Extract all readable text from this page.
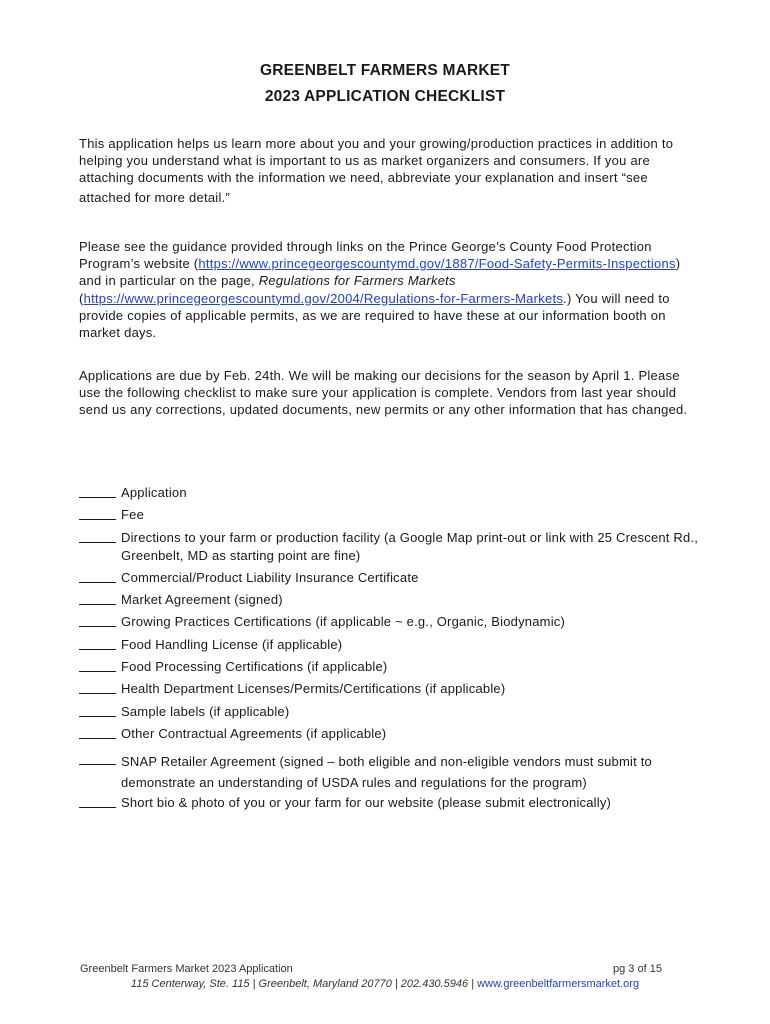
GREENBELT FARMERS MARKET
2023 APPLICATION CHECKLIST

This application helps us learn more about you and your growing/production practices in addition to helping you understand what is important to us as market organizers and consumers. If you are attaching documents with the information we need, abbreviate your explanation and insert “see

attached for more detail.”

Please see the guidance provided through links on the Prince George’s County Food Protection Program’s website (https://www.princegeorgescountymd.gov/1887/Food-Safety-Permits-Inspections) and in particular on the page, Regulations for Farmers Markets (https://www.princegeorgescountymd.gov/2004/Regulations-for-Farmers-Markets.) You will need to provide copies of applicable permits, as we are required to have these at our information booth on market days.

Applications are due by Feb. 24th. We will be making our decisions for the season by April 1. Please use the following checklist to make sure your application is complete. Vendors from last year should send us any corrections, updated documents, new permits or any other information that has changed.

Application
Fee
Directions to your farm or production facility (a Google Map print-out or link with 25 Crescent Rd., Greenbelt, MD as starting point are fine)
Commercial/Product Liability Insurance Certificate
Market Agreement (signed)
Growing Practices Certifications (if applicable ~ e.g., Organic, Biodynamic)
Food Handling License (if applicable)
Food Processing Certifications (if applicable)
Health Department Licenses/Permits/Certifications (if applicable)
Sample labels (if applicable)
Other Contractual Agreements (if applicable)
SNAP Retailer Agreement (signed – both eligible and non-eligible vendors must submit to demonstrate an understanding of USDA rules and regulations for the program)
Short bio & photo of you or your farm for our website (please submit electronically)
Greenbelt Farmers Market 2023 Application	pg 3 of 15
115 Centerway, Ste. 115 | Greenbelt, Maryland 20770 | 202.430.5946 | www.greenbeltfarmersmarket.org
